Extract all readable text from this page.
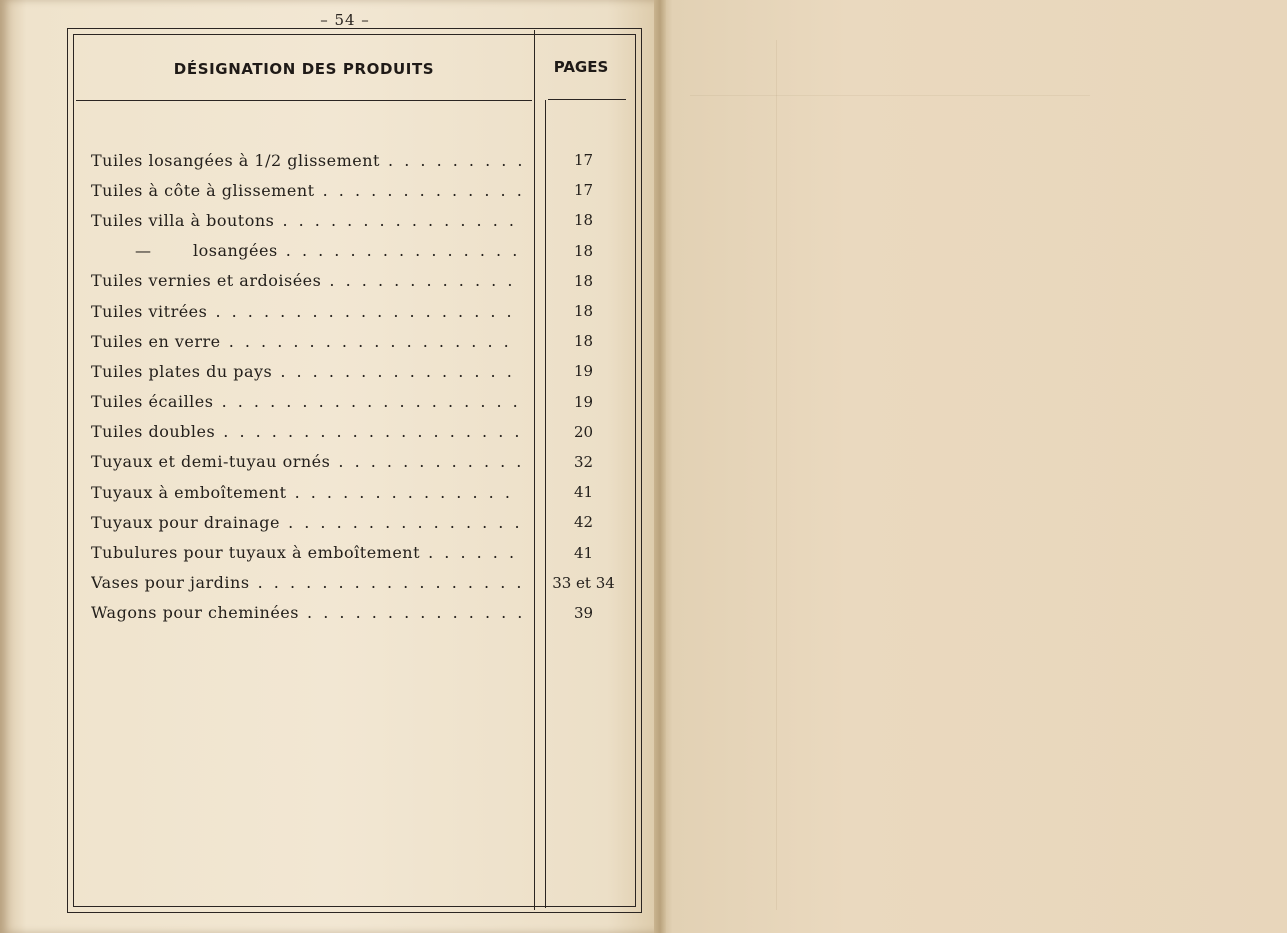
– 54 –
DÉSIGNATION DES PRODUITS	PAGES
Tuiles losangées à 1/2 glissement . . .	17
Tuiles à côte à glissement . . .	17
Tuiles villa à boutons . . .	18
—	losangées . . .	18
Tuiles vernies et ardoisées . . .	18
Tuiles vitrées . . .	18
Tuiles en verre . . .	18
Tuiles plates du pays . . .	19
Tuiles écailles . . .	19
Tuiles doubles . . .	20
Tuyaux et demi-tuyau ornés . . .	32
Tuyaux à emboîtement . . .	41
Tuyaux pour drainage . . .	42
Tubulures pour tuyaux à emboîtement . . .	41
Vases pour jardins . . .	33 et 34
Wagons pour cheminées . . .	39
